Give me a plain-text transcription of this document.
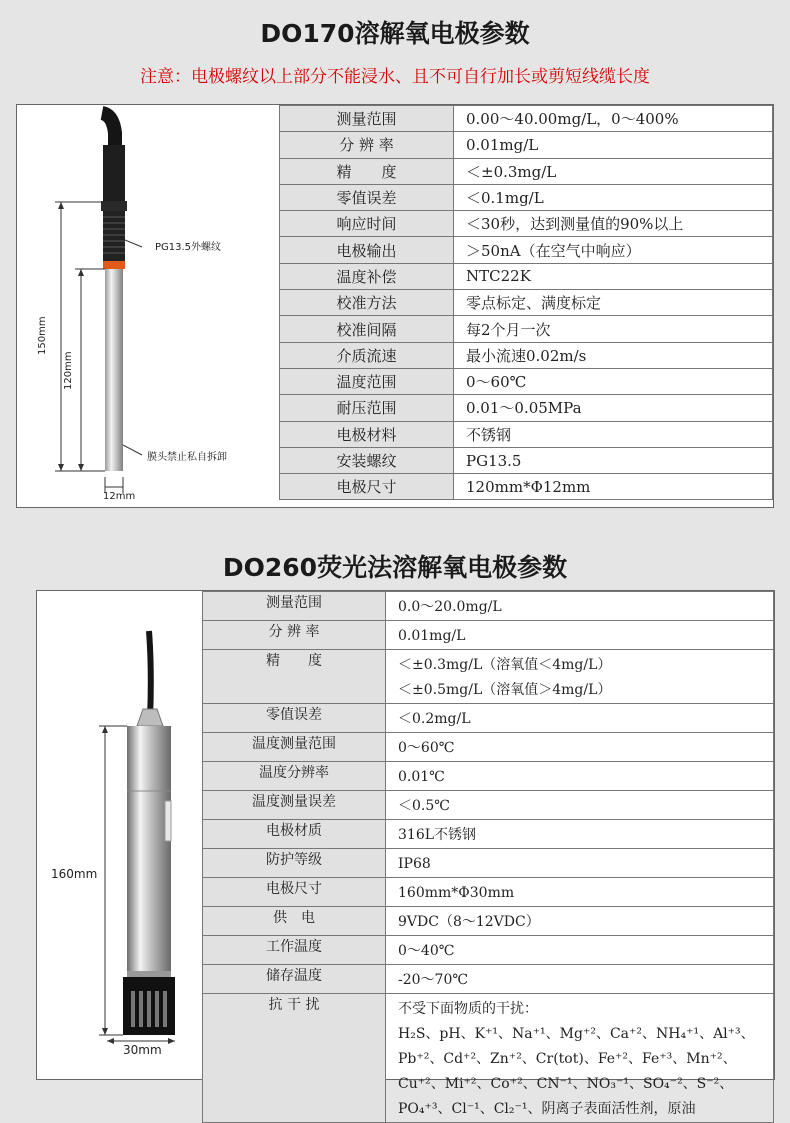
DO170溶解氧电极参数
注意：电极螺纹以上部分不能浸水、且不可自行加长或剪短线缆长度
PG13.5外螺纹
膜头禁止私自拆卸
150mm
120mm
12mm
测量范围	0.00～40.00mg/L，0～400%
分 辨 率	0.01mg/L
精　　度	＜±0.3mg/L
零值误差	＜0.1mg/L
响应时间	＜30秒，达到测量值的90%以上
电极输出	＞50nA（在空气中响应）
温度补偿	NTC22K
校准方法	零点标定、满度标定
校准间隔	每2个月一次
介质流速	最小流速0.02m/s
温度范围	0～60℃
耐压范围	0.01～0.05MPa
电极材料	不锈钢
安装螺纹	PG13.5
电极尺寸	120mm*Φ12mm
DO260荧光法溶解氧电极参数
160mm
30mm
测量范围	0.0～20.0mg/L

分 辨 率	0.01mg/L

精　　度	＜±0.3mg/L（溶氧值＜4mg/L）
＜±0.5mg/L（溶氧值＞4mg/L）

零值误差	＜0.2mg/L

温度测量范围	0～60℃

温度分辨率	0.01℃

温度测量误差	＜0.5℃

电极材质	316L不锈钢

防护等级	IP68

电极尺寸	160mm*Φ30mm

供　电	9VDC（8～12VDC）

工作温度	0～40℃

储存温度	-20～70℃

抗 干 扰	不受下面物质的干扰：
H₂S、pH、K⁺¹、Na⁺¹、Mg⁺²、Ca⁺²、NH₄⁺¹、Al⁺³、
Pb⁺²、Cd⁺²、Zn⁺²、Cr(tot)、Fe⁺²、Fe⁺³、Mn⁺²、
Cu⁺²、Mi⁺²、Co⁺²、CN⁻¹、NO₃⁻¹、SO₄⁻²、S⁻²、
PO₄⁺³、Cl⁻¹、Cl₂⁻¹、阴离子表面活性剂，原油
